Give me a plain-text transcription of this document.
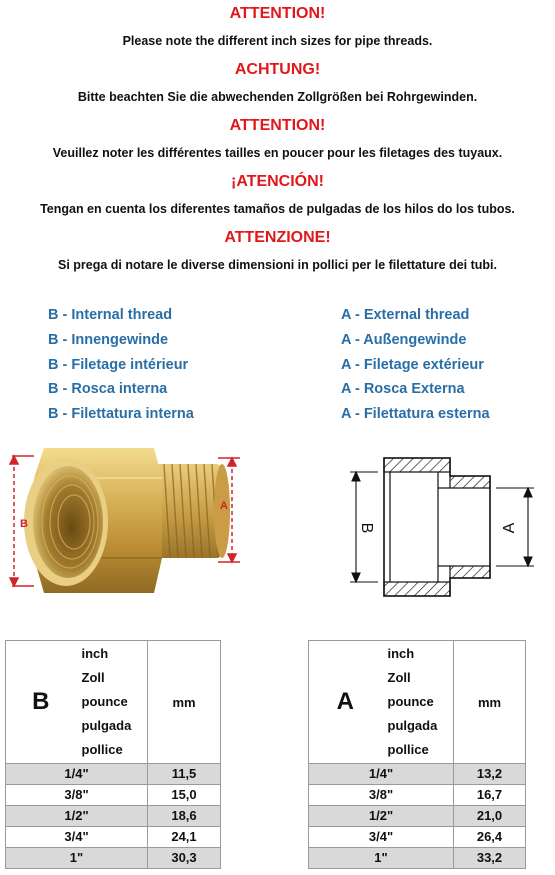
ATTENTION!
Please note the different inch sizes for pipe threads.
ACHTUNG!
Bitte beachten Sie die abwechenden Zollgrößen bei Rohrgewinden.
ATTENTION!
Veuillez noter les différentes tailles en poucer pour les filetages des tuyaux.
¡ATENCIÓN!
Tengan en cuenta los diferentes tamaños de pulgadas de los hilos do los tubos.
ATTENZIONE!
Si prega di notare le diverse dimensioni in pollici per le filettature dei tubi.
B - Internal thread
B - Innengewinde
B - Filetage intérieur
B - Rosca interna
B - Filettatura interna
A - External thread
A - Außengewinde
A - Filetage extérieur
A - Rosca Externa
A - Filettatura esterna
B
A
B	A
B	inch
Zoll
pounce
pulgada
pollice	mm
1/4"		11,5
3/8"		15,0
1/2"		18,6
3/4"		24,1
1"		30,3
A	inch
Zoll
pounce
pulgada
pollice	mm
1/4"		13,2
3/8"		16,7
1/2"		21,0
3/4"		26,4
1"		33,2
